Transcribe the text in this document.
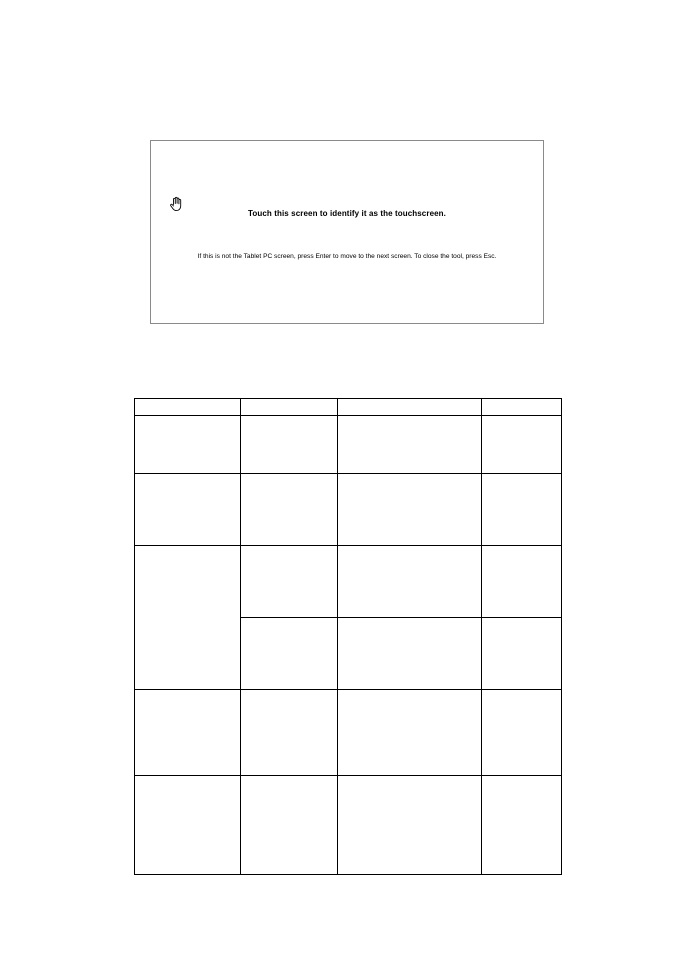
Touch this screen to identify it as the touchscreen.
If this is not the Tablet PC screen, press Enter to move to the next screen. To close the tool, press Esc.
